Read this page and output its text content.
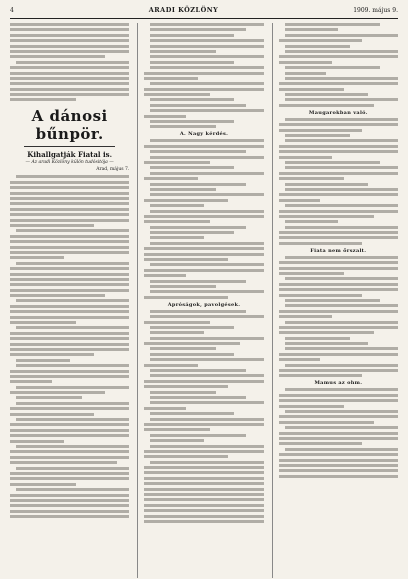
4	ARADI KÖZLÖNY	1909. május 9.
A dánosi bűnpör.
Kihallgatják Fiatal is.
— Az aradi Közlöny külön tudósitója —
Arad, május 7.
A. Nagy kérdés.
Apróságok, pavolgések.
Maugarokban való.
Fiata nem őrszalt.
Mamus az ohm.
